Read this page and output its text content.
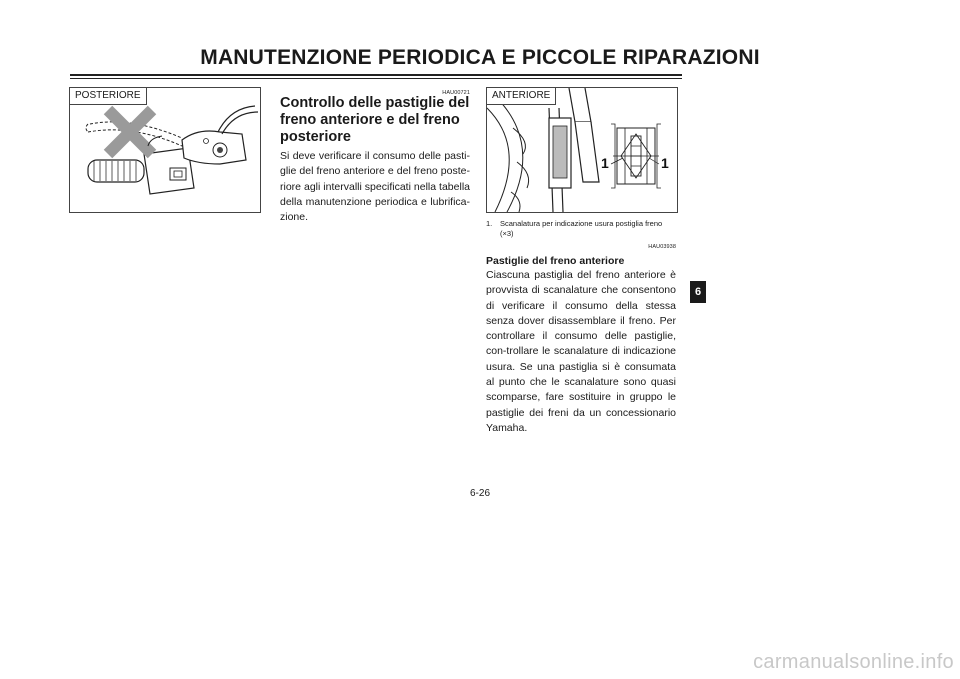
MANUTENZIONE PERIODICA E PICCOLE RIPARAZIONI
POSTERIORE	HAU00721
Controllo delle pastiglie del freno anteriore e del freno posteriore
Si deve verificare il consumo delle pasti-glie del freno anteriore e del freno poste-riore agli intervalli specificati nella tabella della manutenzione periodica e lubrifica-zione.
1	1
ANTERIORE
1.	Scanalatura per indicazione usura postiglia freno (×3)
HAU03938
Pastiglie del freno anteriore
Ciascuna pastiglia del freno anteriore è provvista di scanalature che consentono di verificare il consumo della stessa senza dover disassemblare il freno. Per controllare il consumo delle pastiglie, con-trollare le scanalature di indicazione usura. Se una pastiglia si è consumata al punto che le scanalature sono quasi scomparse, fare sostituire in gruppo le pastiglie dei freni da un concessionario Yamaha.
6-26
6
carmanualsonline.info
